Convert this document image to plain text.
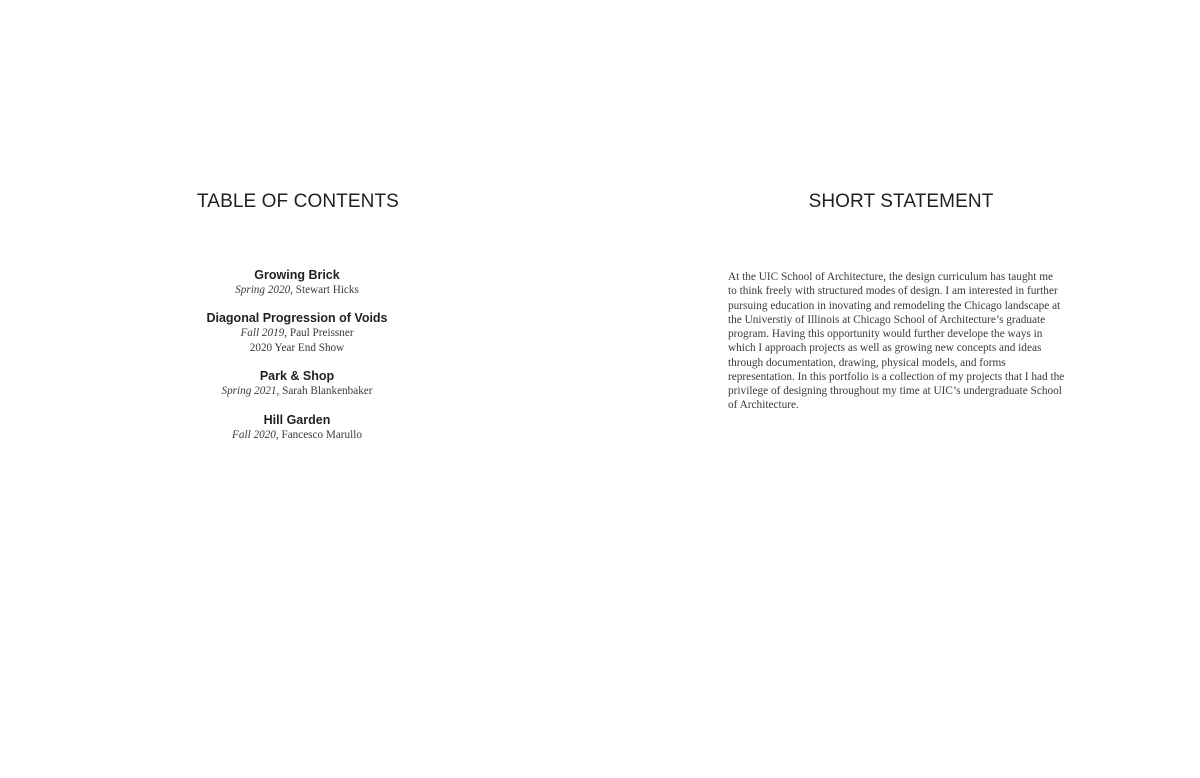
TABLE OF CONTENTS
Growing Brick
Spring 2020, Stewart Hicks
Diagonal Progression of Voids
Fall 2019, Paul Preissner
2020 Year End Show
Park & Shop
Spring 2021, Sarah Blankenbaker
Hill Garden
Fall 2020, Fancesco Marullo
SHORT STATEMENT

At the UIC School of Architecture, the design curriculum has taught me
to think freely with structured modes of design. I am interested in further
pursuing education in inovating and remodeling the Chicago landscape at
the Universtiy of Illinois at Chicago School of Architecture’s graduate
program. Having this opportunity would further develope the ways in
which I approach projects as well as growing new concepts and ideas
through documentation, drawing, physical models, and forms
representation. In this portfolio is a collection of my projects that I had the
privilege of designing throughout my time at UIC’s undergraduate School
of Architecture.
